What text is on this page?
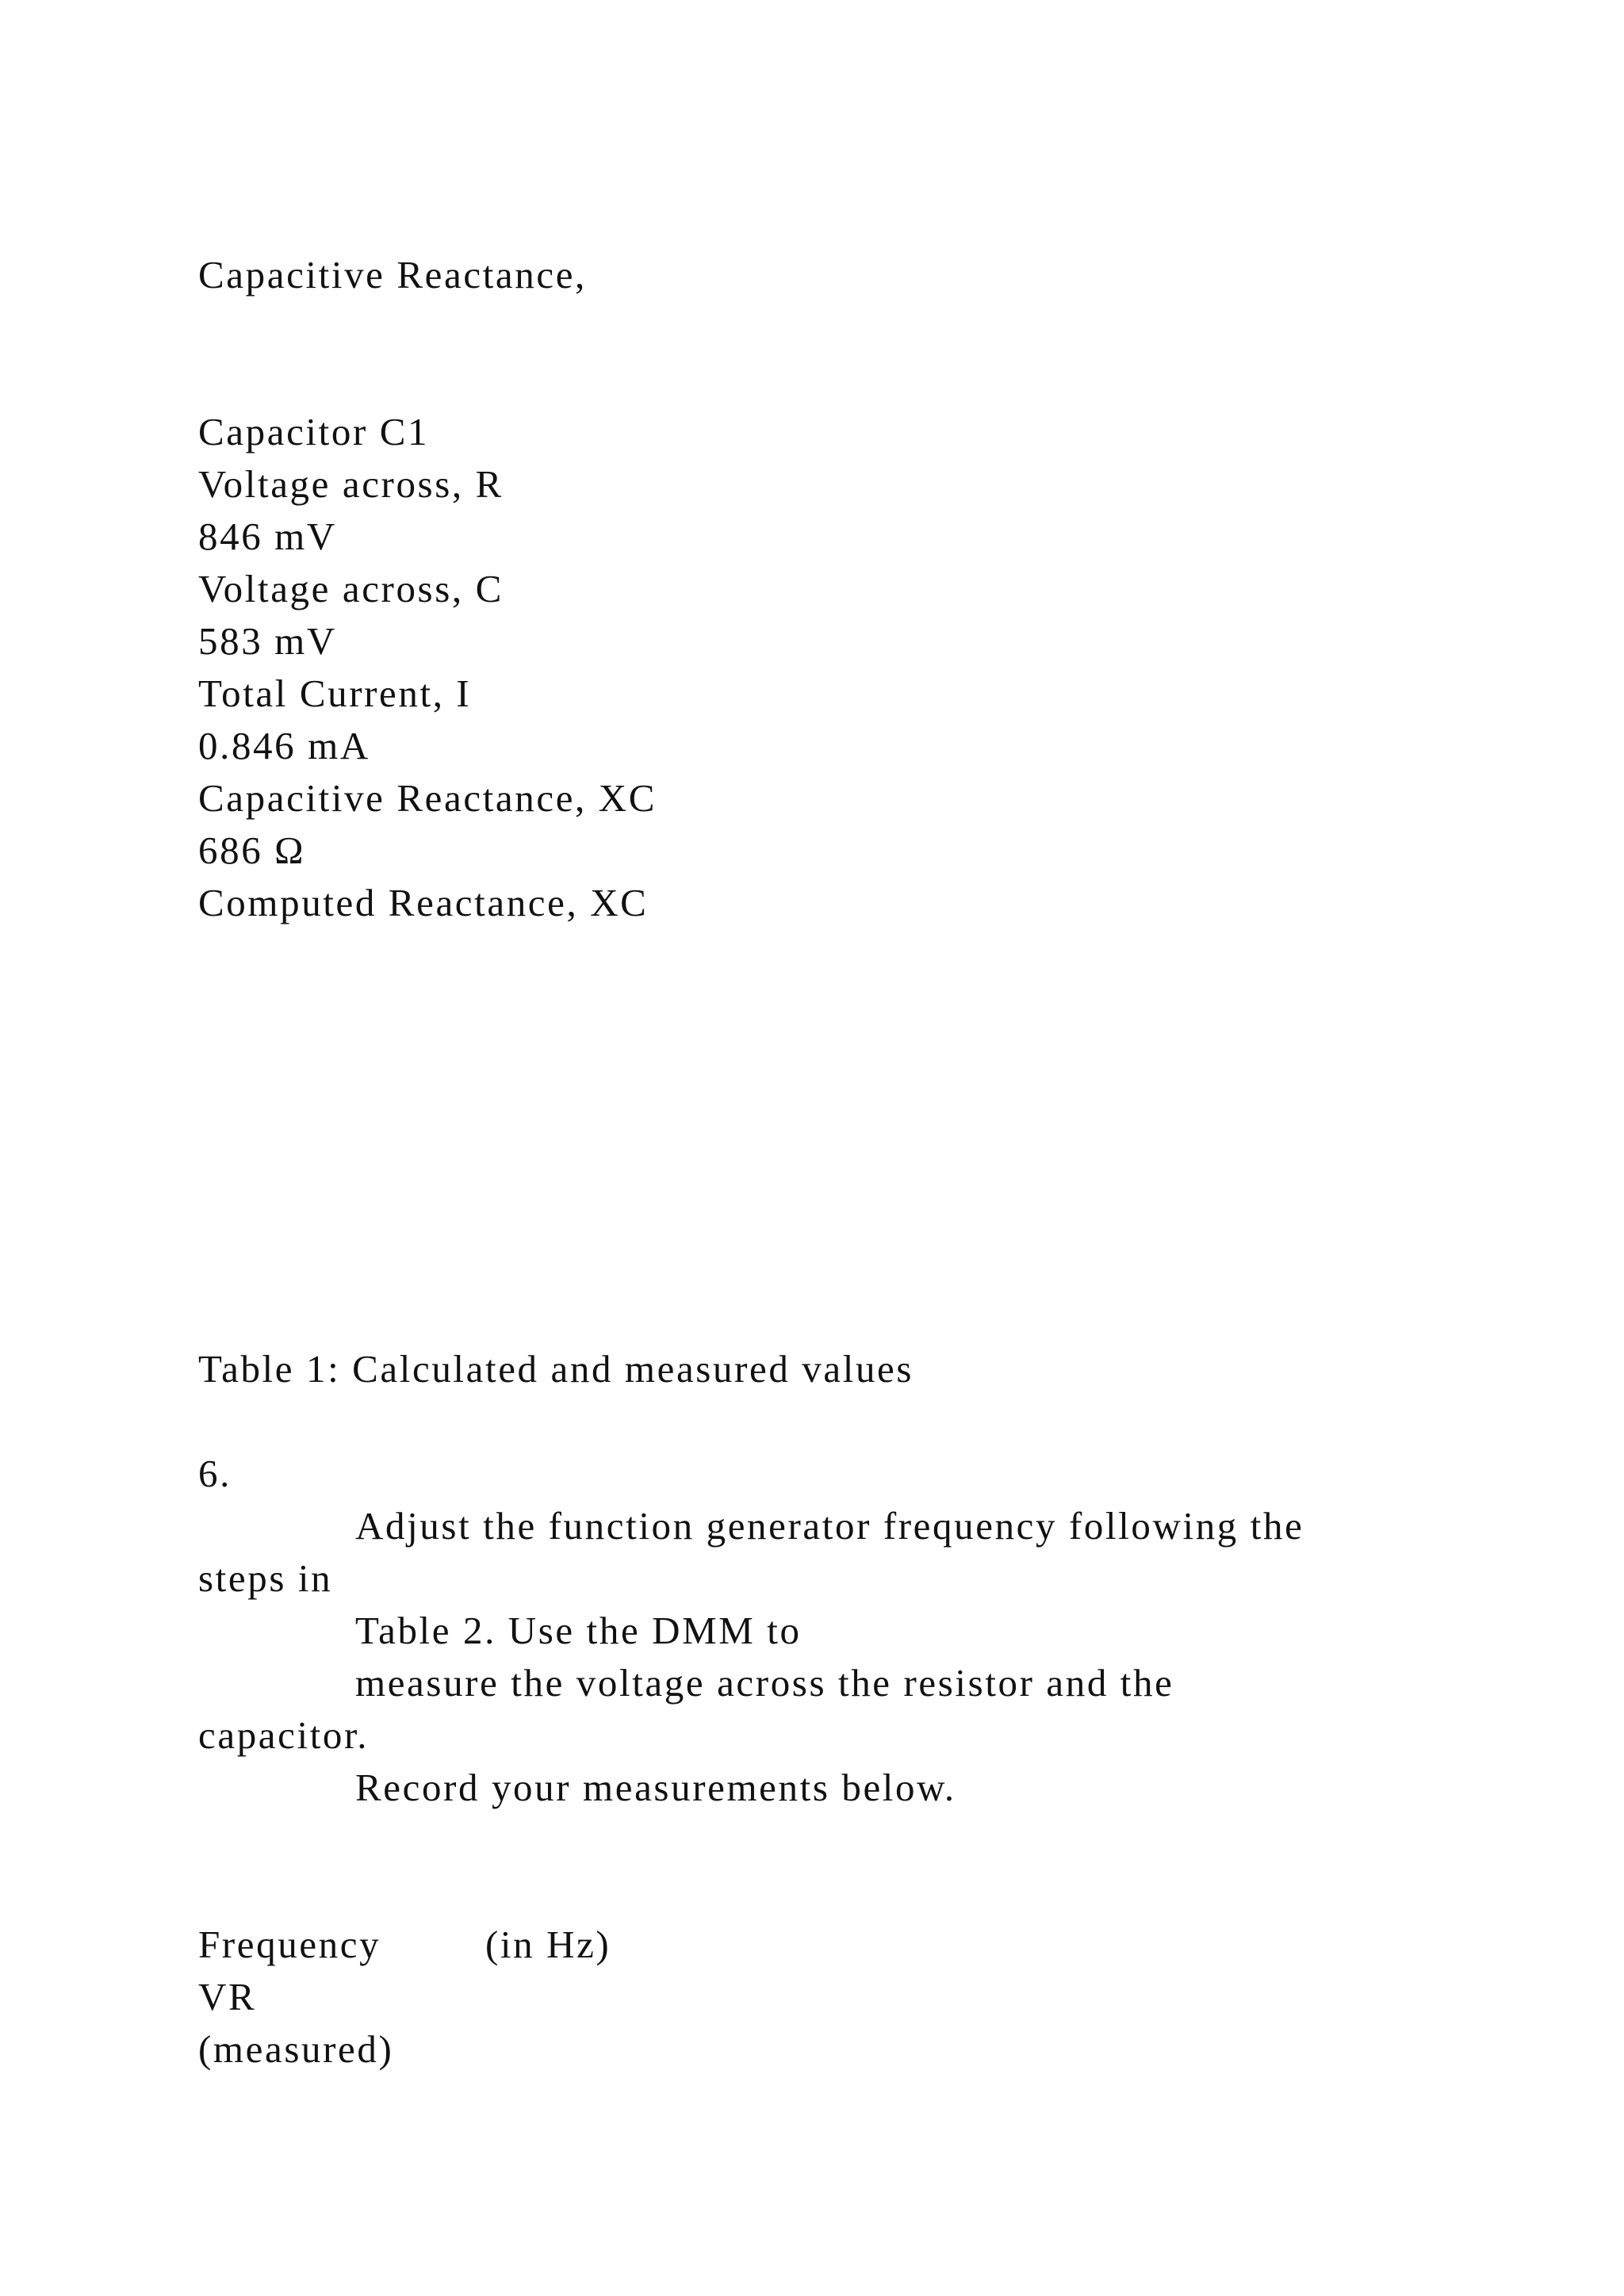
Capacitive Reactance,
Capacitor C1
Voltage across, R
846 mV
Voltage across, C
583 mV
Total Current, I
0.846 mA
Capacitive Reactance, XC
686 Ω
Computed Reactance, XC
Table 1: Calculated and measured values
6.
Adjust the function generator frequency following the
steps in
Table 2. Use the DMM to
measure the voltage across the resistor and the
capacitor.
Record your measurements below.
Frequency	(in Hz)
VR
(measured)
